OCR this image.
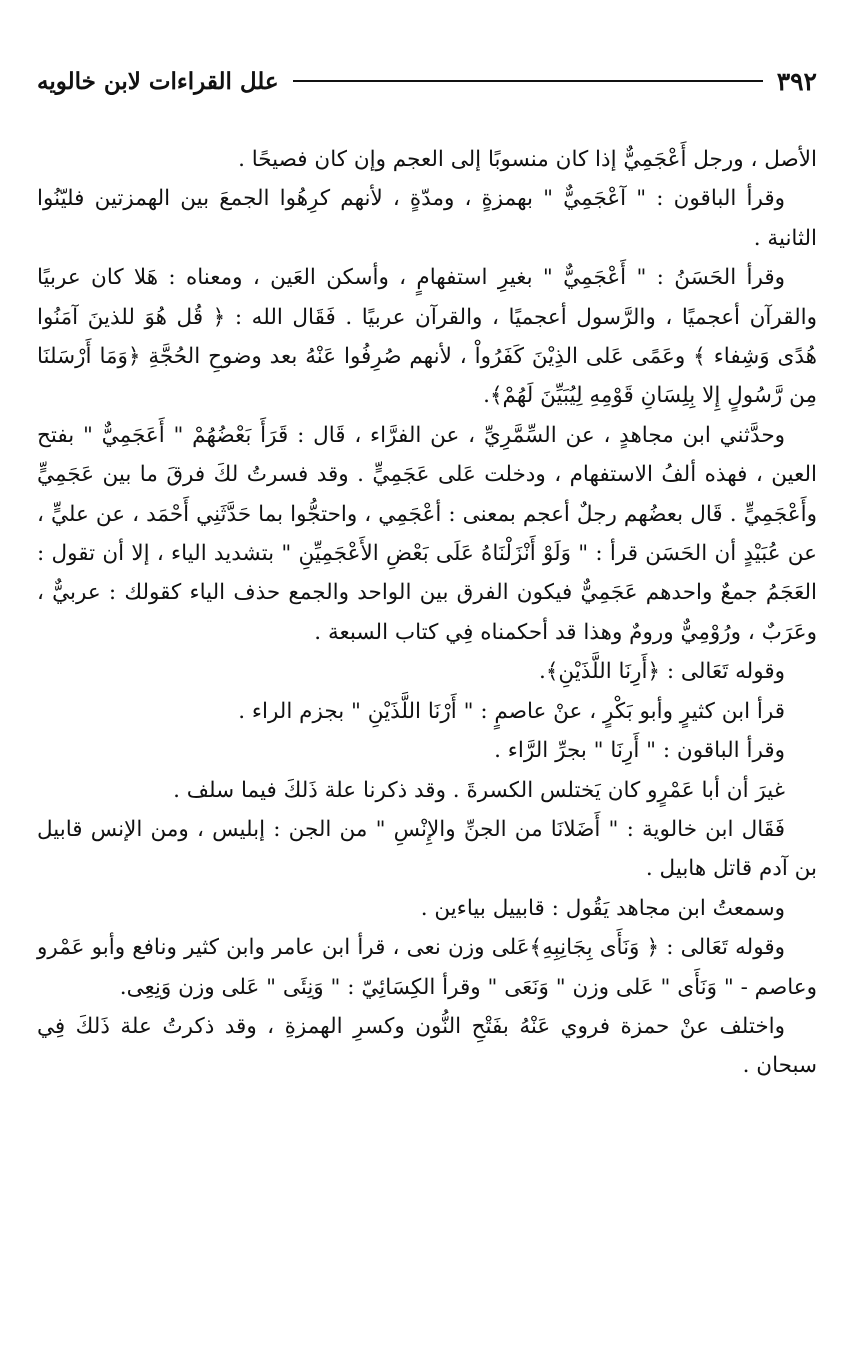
٣٩٢
علل القراءات لابن خالويه

الأصل ، ورجل أَعْجَمِيٌّ إذا كان منسوبًا إلى العجم وإن كان فصيحًا .

وقرأ الباقون : " آعْجَمِيٌّ " بهمزةٍ ، ومدّةٍ ، لأنهم كرِهُوا الجمعَ بين الهمزتين فليّنُوا الثانية .

وقرأ الحَسَنُ : " أَعْجَمِيٌّ " بغيرِ استفهامٍ ، وأسكن العَين ، ومعناه : هَلا كان عربيًا والقرآن أعجميًا ، والرَّسول أعجميًا ، والقرآن عربيًا . فَقَال الله : ﴿ قُل هُوَ للذينَ آمَنُوا هُدًى وَشِفاء ﴾ وعَمًى عَلى الذِيْنَ كَفَرُواْ ، لأنهم صُرِفُوا عَنْهُ بعد وضوحِ الحُجَّةِ ﴿وَمَا أَرْسَلنَا مِن رَّسُولٍ إِلا بِلِسَانِ قَوْمِهِ لِيُبَيِّنَ لَهُمْ﴾.

وحدَّثني ابن مجاهدٍ ، عن السِّمَّرِيِّ ، عن الفرَّاء ، قَال : قَرَأَ بَعْضُهُمْ " أَعَجَمِيٌّ " بفتح العين ، فهذه ألفُ الاستفهام ، ودخلت عَلى عَجَمِيٍّ . وقد فسرتُ لكَ فرقَ ما بين عَجَمِيٍّ وأَعْجَمِيٍّ . قَال بعضُهم رجلٌ أعجم بمعنى : أعْجَمِي ، واحتجُّوا بما حَدَّثَنِي أَحْمَد ، عن عليٍّ ، عن عُبَيْدٍ أن الحَسَن قرأ : " وَلَوْ أَنْزَلْنَاهُ عَلَى بَعْضِ الأَعْجَمِيِّنِ " بتشديد الياء ، إلا أن تقول : العَجَمُ جمعٌ واحدهم عَجَمِيٌّ فيكون الفرق بين الواحد والجمع حذف الياء كقولك : عربيٌّ ، وعَرَبٌ ، ورُوْمِيٌّ ورومٌ وهذا قد أحكمناه فِي كتاب السبعة .

وقوله تَعَالى : ﴿أَرِنَا اللَّذَيْنِ﴾.

قرأ ابن كثيرٍ وأبو بَكْرٍ ، عنْ عاصمٍ : " أَرْنَا اللَّذَيْنِ " بجزم الراء .

وقرأ الباقون : " أَرِنَا " بجرِّ الرَّاء .

غيرَ أن أبا عَمْرٍو كان يَختلس الكسرةَ . وقد ذكرنا علة ذَلكَ فيما سلف .

فَقَال ابن خالوية : " أَضَلانَا من الجنِّ والإِنْسِ " من الجن : إبليس ، ومن الإنس قابيل بن آدم قاتل هابيل .

وسمعتُ ابن مجاهد يَقُول : قابييل بياءين .

وقوله تَعَالى : ﴿ وَنَأَى بِجَانِبِهِ﴾عَلى وزن نعى ، قرأ ابن عامر وابن كثير ونافع وأبو عَمْرو وعاصم - " وَنَأَى " عَلى وزن " وَنَعَى " وقرأ الكِسَائِيّ : " وَنِئَى " عَلى وزن وَنِعِى.

واختلف عنْ حمزة فروي عَنْهُ بفَتْحِ النُّون وكسرِ الهمزةِ ، وقد ذكرتُ علة ذَلكَ فِي سبحان .
